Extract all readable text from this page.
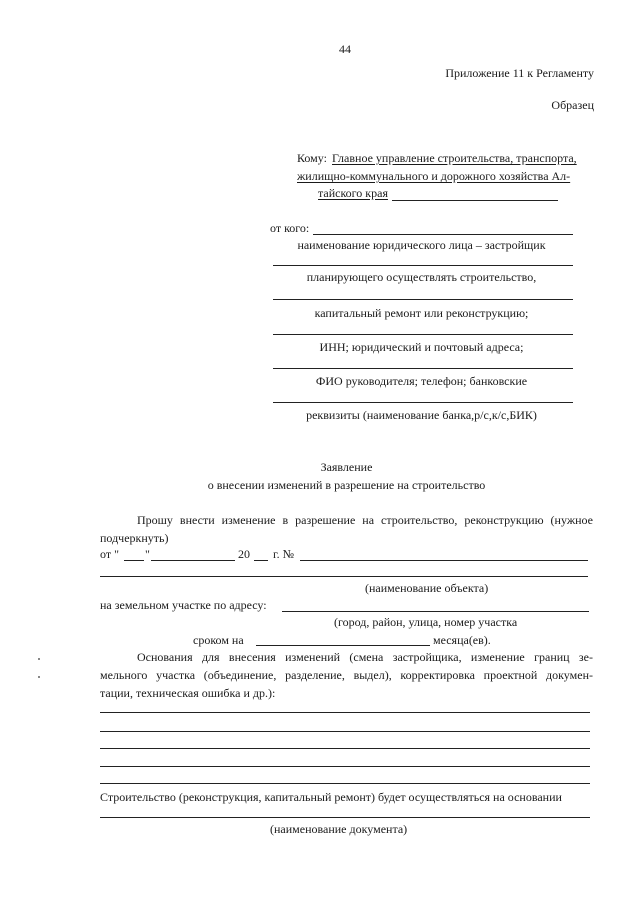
44
Приложение 11 к Регламенту
Образец
Кому: Главное управление строительства, транспорта,
жилищно-коммунального и дорожного хозяйства Ал-
тайского края
от кого:
наименование юридического лица – застройщик
планирующего осуществлять строительство,
капитальный ремонт или реконструкцию;
ИНН; юридический и почтовый адреса;
ФИО руководителя; телефон; банковские
реквизиты (наименование банка,р/с,к/с,БИК)
Заявление
о внесении изменений в разрешение на строительство
Прошу внести изменение в разрешение на строительство, реконструкцию (нужное
подчеркнуть)
от " "	20 г. №
(наименование объекта)
на земельном участке по адресу:
(город, район, улица, номер участка
сроком на	месяца(ев).
Основания для внесения изменений (смена застройщика, изменение границ зе-
мельного участка (объединение, разделение, выдел), корректировка проектной докумен-
тации, техническая ошибка и др.):
Строительство (реконструкция, капитальный ремонт) будет осуществляться на основании
(наименование документа)
